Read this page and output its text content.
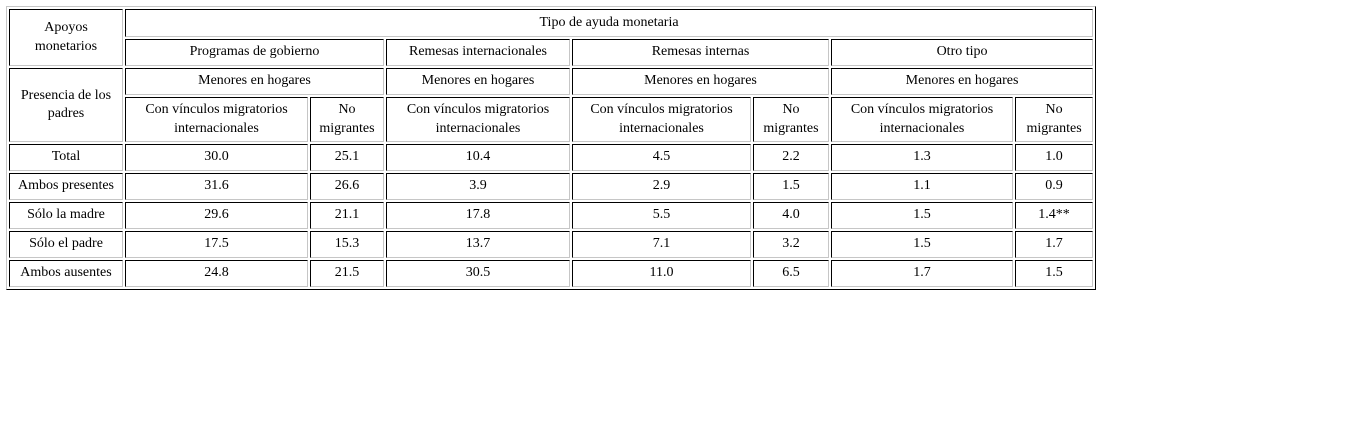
Apoyos monetarios	Tipo de ayuda monetaria						
	Programas de gobierno		Remesas internacionales	Remesas internas		Otro tipo	
Presencia de los padres	Menores en hogares		Menores en hogares	Menores en hogares		Menores en hogares	
	Con vínculos migratorios internacionales	No migrantes	Con vínculos migratorios internacionales	Con vínculos migratorios internacionales	No migrantes	Con vínculos migratorios internacionales	No migrantes
Total	30.0	25.1	10.4	4.5	2.2	1.3	1.0
Ambos presentes	31.6	26.6	3.9	2.9	1.5	1.1	0.9
Sólo la madre	29.6	21.1	17.8	5.5	4.0	1.5	1.4**
Sólo el padre	17.5	15.3	13.7	7.1	3.2	1.5	1.7
Ambos ausentes	24.8	21.5	30.5	11.0	6.5	1.7	1.5
